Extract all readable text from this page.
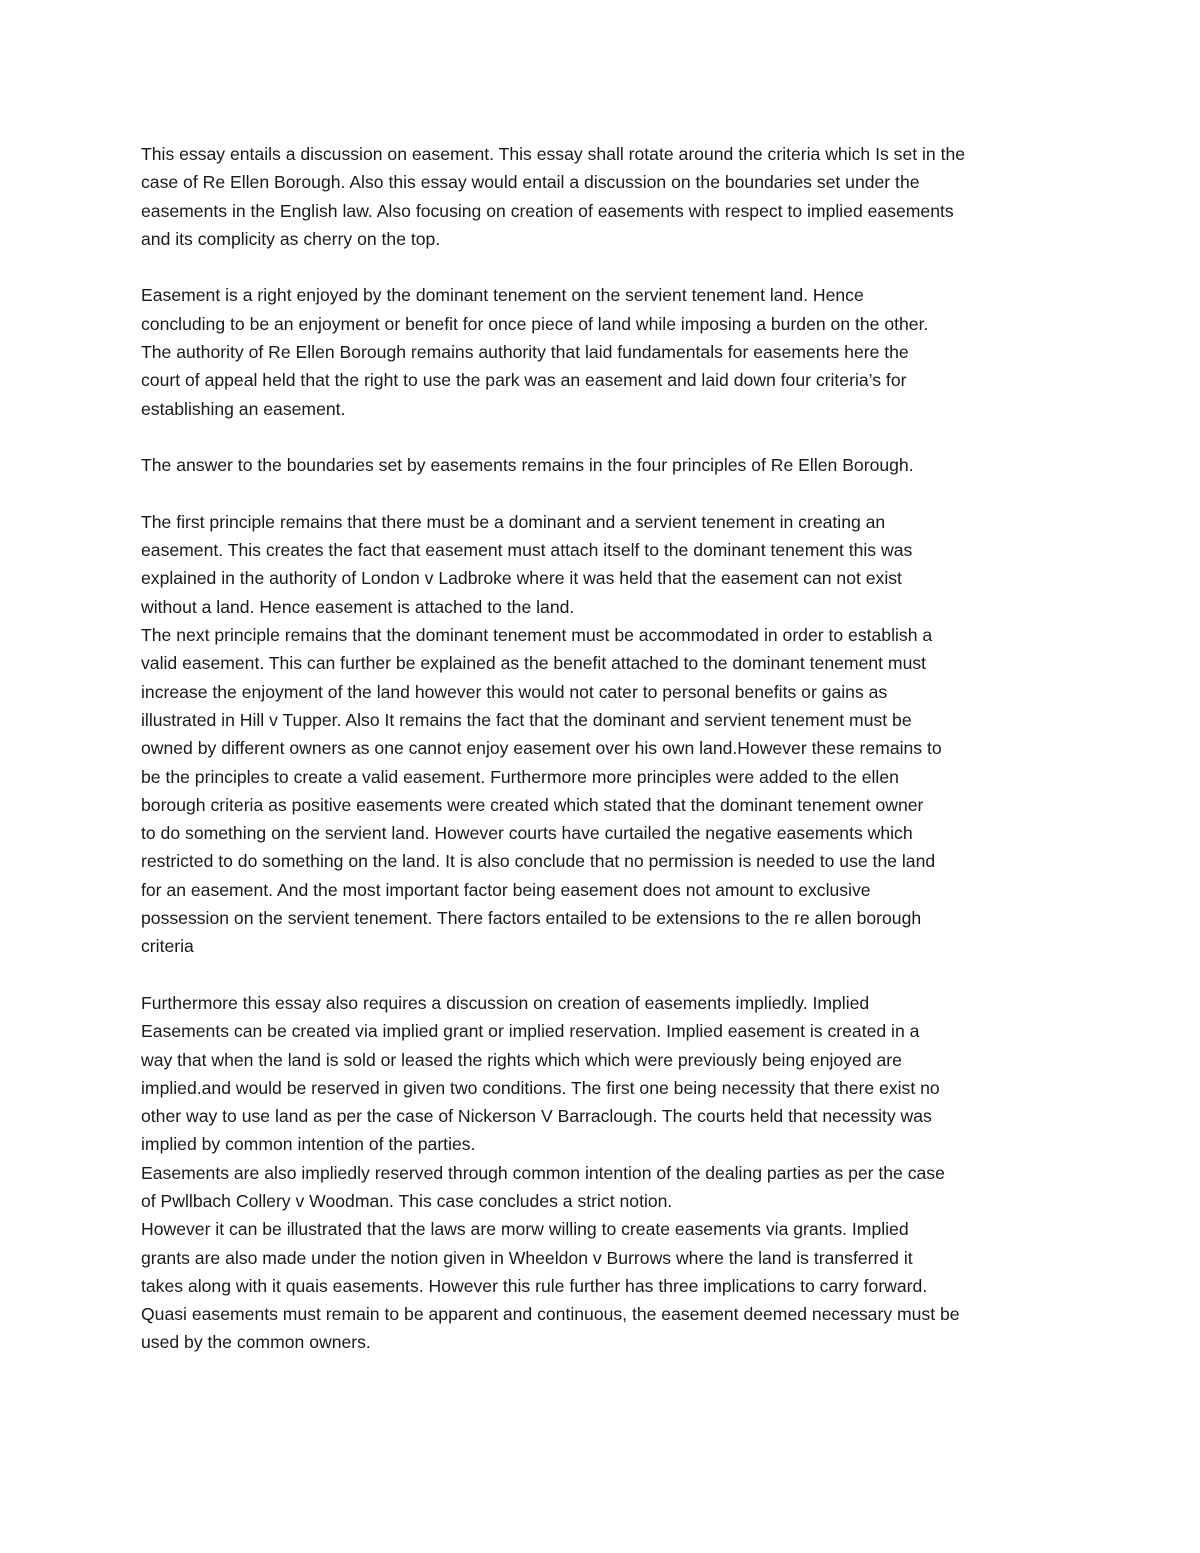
This essay entails a discussion on easement. This essay shall rotate around the criteria which Is set in the
case of Re Ellen Borough. Also this essay would entail a discussion on the boundaries set under the
easements in the English law. Also focusing on creation of easements with respect to implied easements
and its complicity as cherry on the top.
Easement is a right enjoyed by the dominant tenement on the servient tenement land. Hence
concluding to be an enjoyment or benefit for once piece of land while imposing a burden on the other.
The authority of Re Ellen Borough remains authority that laid fundamentals for easements here the
court of appeal held that the right to use the park was an easement and laid down four criteria’s for
establishing an easement.
The answer to the boundaries set by easements remains in the four principles of Re Ellen Borough.
The first principle remains that there must be a dominant and a servient tenement in creating an
easement. This creates the fact that easement must attach itself to the dominant tenement this was
explained in the authority of London v Ladbroke where it was held that the easement can not exist
without a land. Hence easement is attached to the land.
The next principle remains that the dominant tenement must be accommodated in order to establish a
valid easement. This can further be explained as the benefit attached to the dominant tenement must
increase the enjoyment of the land however this would not cater to personal benefits or gains as
illustrated in Hill v Tupper. Also It remains the fact that the dominant and servient tenement must be
owned by different owners as one cannot enjoy easement over his own land.However these remains to
be the principles to create a valid easement. Furthermore more principles were added to the ellen
borough criteria as positive easements were created which stated that the dominant tenement owner
to do something on the servient land. However courts have curtailed the negative easements which
restricted to do something on the land. It is also conclude that no permission is needed to use the land
for an easement. And the most important factor being easement does not amount to exclusive
possession on the servient tenement. There factors entailed to be extensions to the re allen borough
criteria
Furthermore this essay also requires a discussion on creation of easements impliedly. Implied
Easements can be created via implied grant or implied reservation. Implied easement is created in a
way that when the land is sold or leased the rights which which were previously being enjoyed are
implied.and would be reserved in given two conditions. The first one being necessity that there exist no
other way to use land as per the case of Nickerson V Barraclough. The courts held that necessity was
implied by common intention of the parties.
Easements are also impliedly reserved through common intention of the dealing parties as per the case
of Pwllbach Collery v Woodman. This case concludes a strict notion.
However it can be illustrated that the laws are morw willing to create easements via grants. Implied
grants are also made under the notion given in Wheeldon v Burrows where the land is transferred it
takes along with it quais easements. However this rule further has three implications to carry forward.
Quasi easements must remain to be apparent and continuous, the easement deemed necessary must be
used by the common owners.
